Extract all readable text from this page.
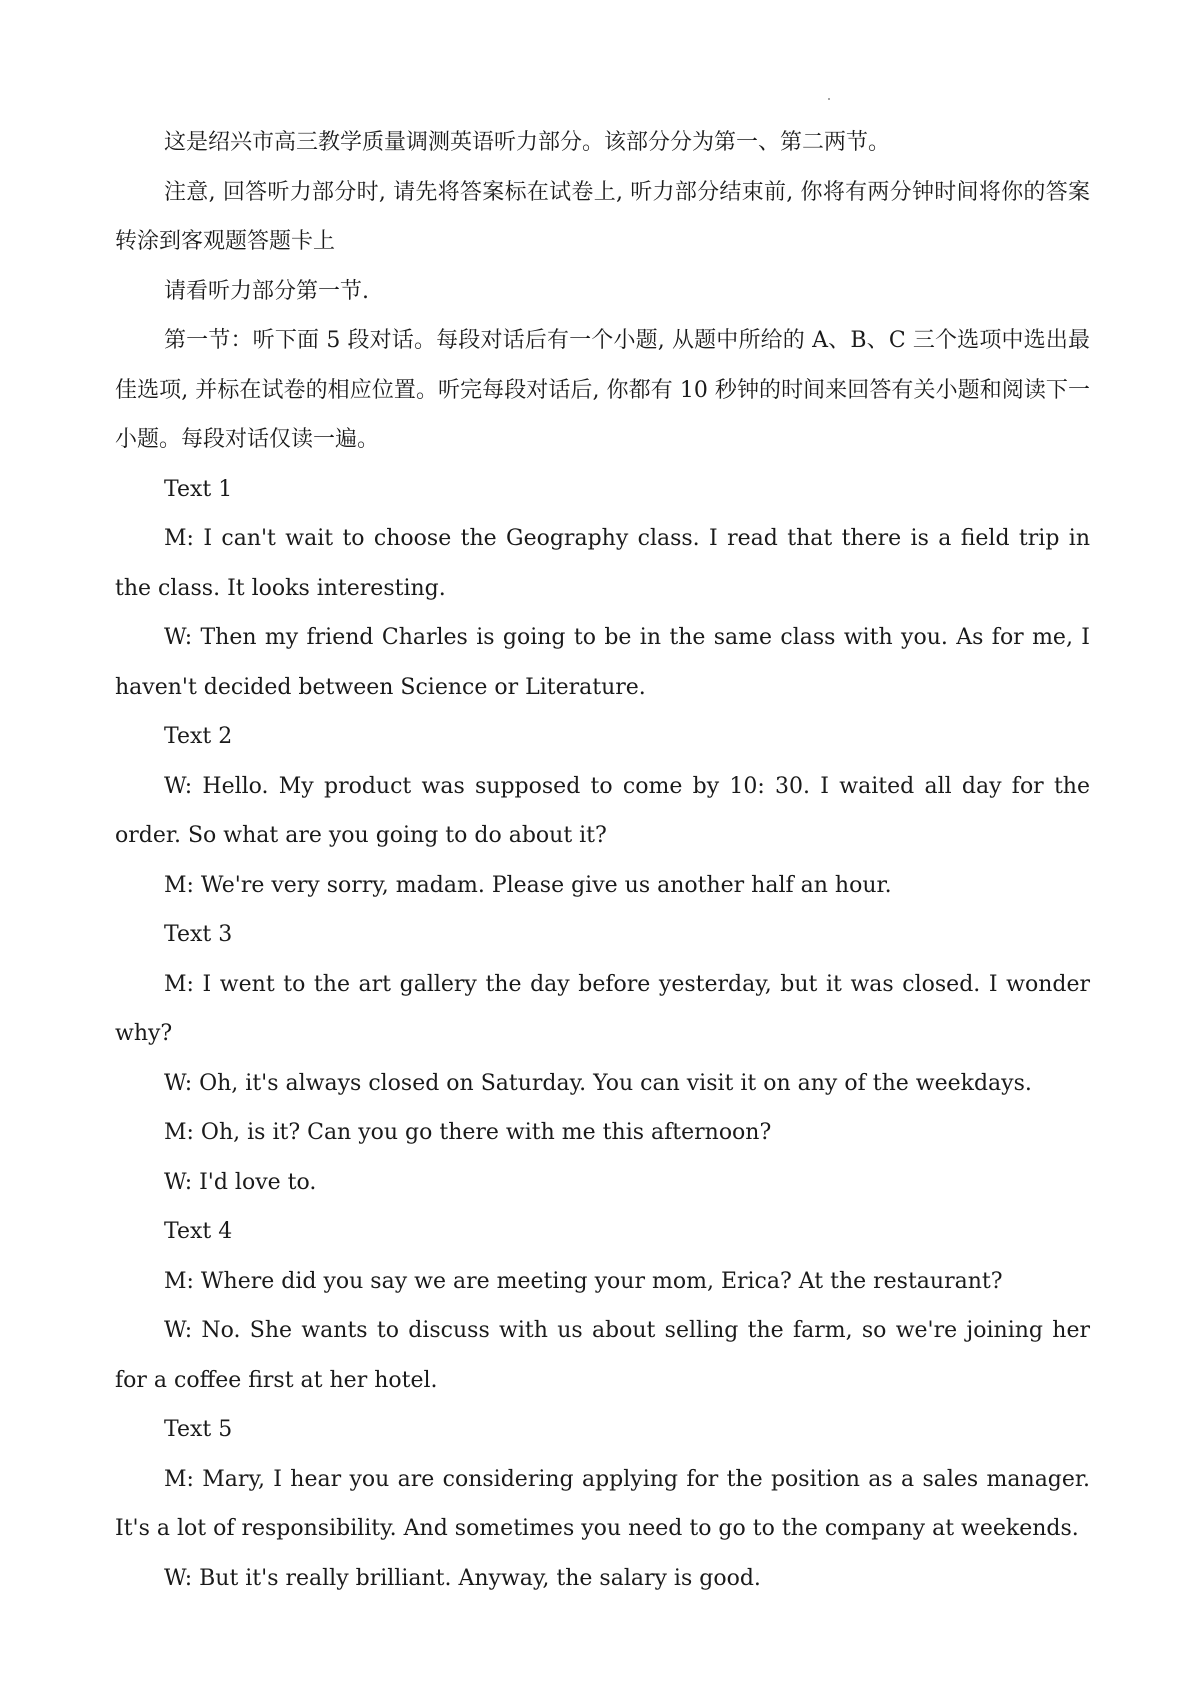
这是绍兴市高三教学质量调测英语听力部分。该部分分为第一、第二两节。

注意, 回答听力部分时, 请先将答案标在试卷上, 听力部分结束前, 你将有两分钟时间将你的答案转涂到客观题答题卡上

请看听力部分第一节.

第一节：听下面 5 段对话。每段对话后有一个小题, 从题中所给的 A、B、C 三个选项中选出最佳选项, 并标在试卷的相应位置。听完每段对话后, 你都有 10 秒钟的时间来回答有关小题和阅读下一小题。每段对话仅读一遍。

Text 1

M: I can't wait to choose the Geography class. I read that there is a field trip in the class. It looks interesting.

W: Then my friend Charles is going to be in the same class with you. As for me, I haven't decided between Science or Literature.

Text 2

W: Hello. My product was supposed to come by 10: 30. I waited all day for the order. So what are you going to do about it?

M: We're very sorry, madam. Please give us another half an hour.

Text 3

M: I went to the art gallery the day before yesterday, but it was closed. I wonder why?

W: Oh, it's always closed on Saturday. You can visit it on any of the weekdays.

M: Oh, is it? Can you go there with me this afternoon?

W: I'd love to.

Text 4

M: Where did you say we are meeting your mom, Erica? At the restaurant?

W: No. She wants to discuss with us about selling the farm, so we're joining her for a coffee first at her hotel.

Text 5

M: Mary, I hear you are considering applying for the position as a sales manager. It's a lot of responsibility. And sometimes you need to go to the company at weekends.

W: But it's really brilliant. Anyway, the salary is good.
